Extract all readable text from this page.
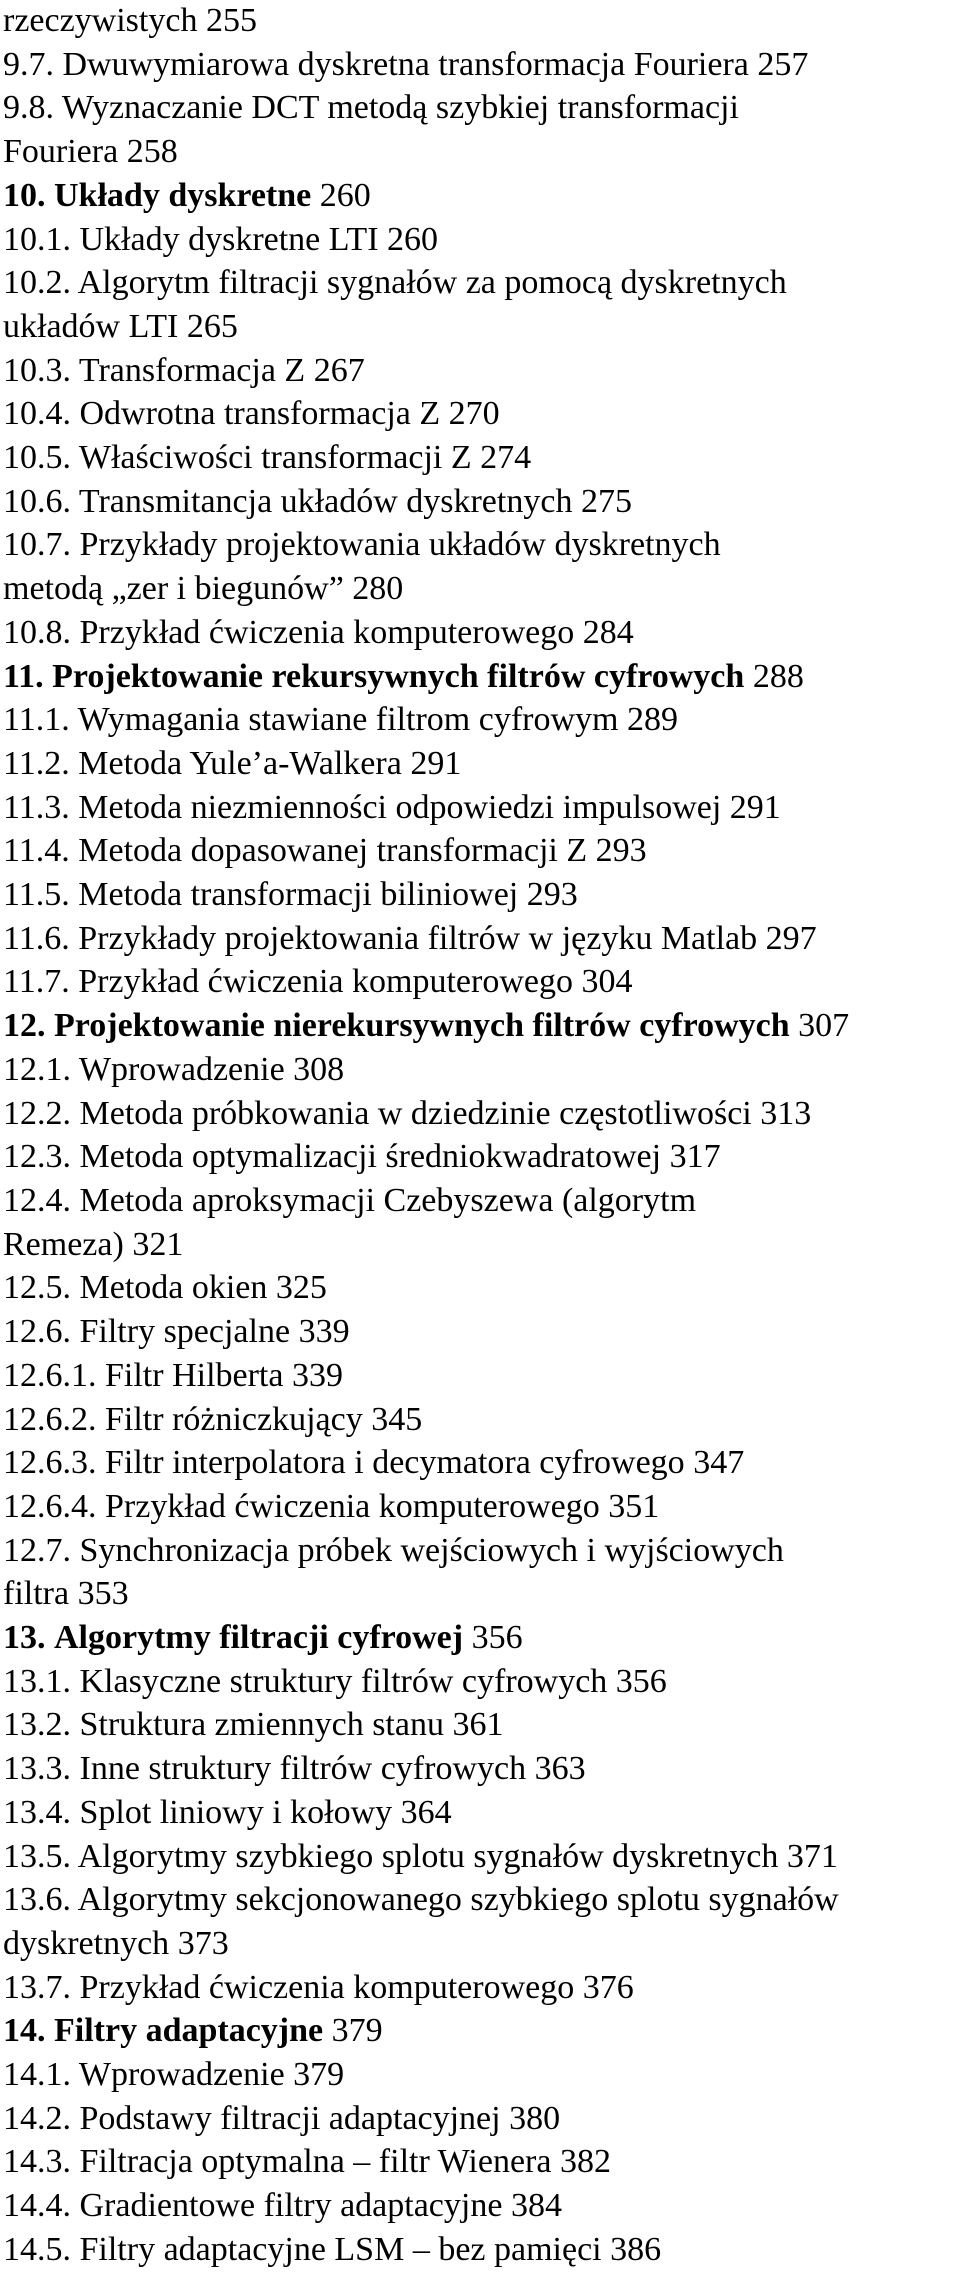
rzeczywistych 255
9.7. Dwuwymiarowa dyskretna transformacja Fouriera 257
9.8. Wyznaczanie DCT metodą szybkiej transformacji
Fouriera 258
10. Układy dyskretne 260
10.1. Układy dyskretne LTI 260
10.2. Algorytm filtracji sygnałów za pomocą dyskretnych
układów LTI 265
10.3. Transformacja Z 267
10.4. Odwrotna transformacja Z 270
10.5. Właściwości transformacji Z 274
10.6. Transmitancja układów dyskretnych 275
10.7. Przykłady projektowania układów dyskretnych
metodą „zer i biegunów” 280
10.8. Przykład ćwiczenia komputerowego 284
11. Projektowanie rekursywnych filtrów cyfrowych 288
11.1. Wymagania stawiane filtrom cyfrowym 289
11.2. Metoda Yule’a-Walkera 291
11.3. Metoda niezmienności odpowiedzi impulsowej 291
11.4. Metoda dopasowanej transformacji Z 293
11.5. Metoda transformacji biliniowej 293
11.6. Przykłady projektowania filtrów w języku Matlab 297
11.7. Przykład ćwiczenia komputerowego 304
12. Projektowanie nierekursywnych filtrów cyfrowych 307
12.1. Wprowadzenie 308
12.2. Metoda próbkowania w dziedzinie częstotliwości 313
12.3. Metoda optymalizacji średniokwadratowej 317
12.4. Metoda aproksymacji Czebyszewa (algorytm
Remeza) 321
12.5. Metoda okien 325
12.6. Filtry specjalne 339
12.6.1. Filtr Hilberta 339
12.6.2. Filtr różniczkujący 345
12.6.3. Filtr interpolatora i decymatora cyfrowego 347
12.6.4. Przykład ćwiczenia komputerowego 351
12.7. Synchronizacja próbek wejściowych i wyjściowych
filtra 353
13. Algorytmy filtracji cyfrowej 356
13.1. Klasyczne struktury filtrów cyfrowych 356
13.2. Struktura zmiennych stanu 361
13.3. Inne struktury filtrów cyfrowych 363
13.4. Splot liniowy i kołowy 364
13.5. Algorytmy szybkiego splotu sygnałów dyskretnych 371
13.6. Algorytmy sekcjonowanego szybkiego splotu sygnałów
dyskretnych 373
13.7. Przykład ćwiczenia komputerowego 376
14. Filtry adaptacyjne 379
14.1. Wprowadzenie 379
14.2. Podstawy filtracji adaptacyjnej 380
14.3. Filtracja optymalna – filtr Wienera 382
14.4. Gradientowe filtry adaptacyjne 384
14.5. Filtry adaptacyjne LSM – bez pamięci 386
